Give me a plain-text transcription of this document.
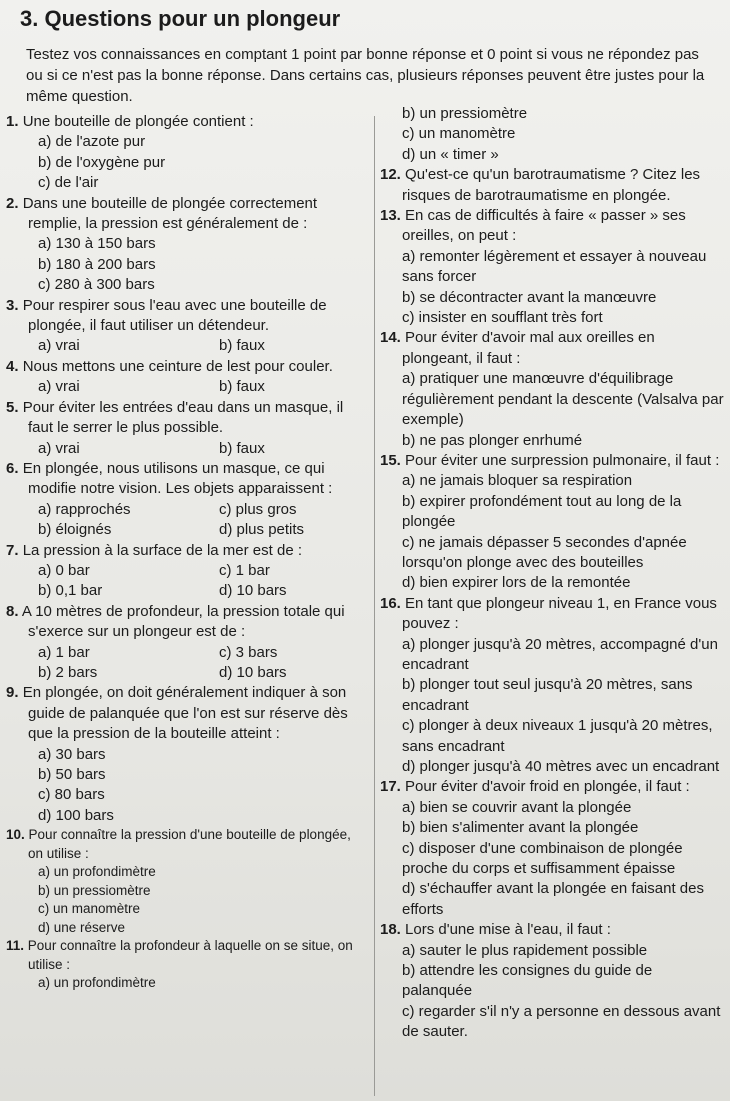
3. Questions pour un plongeur
Testez vos connaissances en comptant 1 point par bonne réponse et 0 point si vous ne répondez pas ou si ce n'est pas la bonne réponse. Dans certains cas, plusieurs réponses peuvent être justes pour la même question.
1. Une bouteille de plongée contient :
a) de l'azote pur
b) de l'oxygène pur
c) de l'air
2. Dans une bouteille de plongée correctement remplie, la pression est généralement de :
a) 130 à 150 bars
b) 180 à 200 bars
c) 280 à 300 bars
3. Pour respirer sous l'eau avec une bouteille de plongée, il faut utiliser un détendeur.
a) vrai	b) faux
4. Nous mettons une ceinture de lest pour couler.
a) vrai	b) faux
5. Pour éviter les entrées d'eau dans un masque, il faut le serrer le plus possible.
a) vrai	b) faux
6. En plongée, nous utilisons un masque, ce qui modifie notre vision. Les objets apparaissent :
a) rapprochés	c) plus gros
b) éloignés	d) plus petits
7. La pression à la surface de la mer est de :
a) 0 bar	c) 1 bar
b) 0,1 bar	d) 10 bars
8. A 10 mètres de profondeur, la pression totale qui s'exerce sur un plongeur est de :
a) 1 bar	c) 3 bars
b) 2 bars	d) 10 bars
9. En plongée, on doit généralement indiquer à son guide de palanquée que l'on est sur réserve dès que la pression de la bouteille atteint :
a) 30 bars
b) 50 bars
c) 80 bars
d) 100 bars
10. Pour connaître la pression d'une bouteille de plongée, on utilise :
a) un profondimètre
b) un pressiomètre
c) un manomètre
d) une réserve
11. Pour connaître la profondeur à laquelle on se situe, on utilise :
a) un profondimètre
b) un pressiomètre
c) un manomètre
d) un « timer »
12. Qu'est-ce qu'un barotraumatisme ? Citez les risques de barotraumatisme en plongée.
13. En cas de difficultés à faire « passer » ses oreilles, on peut :
a) remonter légèrement et essayer à nouveau sans forcer
b) se décontracter avant la manœuvre
c) insister en soufflant très fort
14. Pour éviter d'avoir mal aux oreilles en plongeant, il faut :
a) pratiquer une manœuvre d'équilibrage régulièrement pendant la descente (Valsalva par exemple)
b) ne pas plonger enrhumé
15. Pour éviter une surpression pulmonaire, il faut :
a) ne jamais bloquer sa respiration
b) expirer profondément tout au long de la plongée
c) ne jamais dépasser 5 secondes d'apnée lorsqu'on plonge avec des bouteilles
d) bien expirer lors de la remontée
16. En tant que plongeur niveau 1, en France vous pouvez :
a) plonger jusqu'à 20 mètres, accompagné d'un encadrant
b) plonger tout seul jusqu'à 20 mètres, sans encadrant
c) plonger à deux niveaux 1 jusqu'à 20 mètres, sans encadrant
d) plonger jusqu'à 40 mètres avec un encadrant
17. Pour éviter d'avoir froid en plongée, il faut :
a) bien se couvrir avant la plongée
b) bien s'alimenter avant la plongée
c) disposer d'une combinaison de plongée proche du corps et suffisamment épaisse
d) s'échauffer avant la plongée en faisant des efforts
18. Lors d'une mise à l'eau, il faut :
a) sauter le plus rapidement possible
b) attendre les consignes du guide de palanquée
c) regarder s'il n'y a personne en dessous avant de sauter.
